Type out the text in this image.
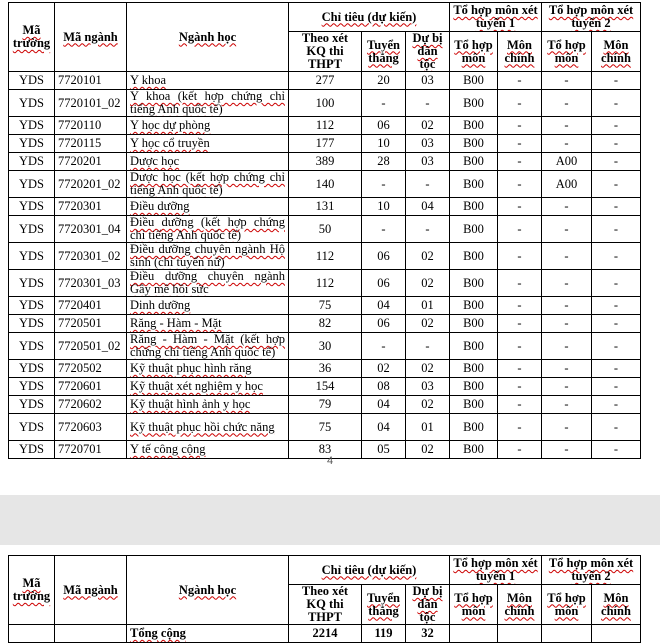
Mã trường	Mã ngành	Ngành học	Chỉ tiêu (dự kiến)			Tổ hợp môn xét tuyển 1		Tổ hợp môn xét tuyển 2	
			Theo xét KQ thi THPT	Tuyển thẳng	Dự bị dân tộc	Tổ hợp môn	Môn chính	Tổ hợp môn	Môn chính
YDS	7720101	Y khoa	277	20	03	B00	-	-	-
YDS	7720101_02	Y khoa (kết hợp chứng chỉ tiếng Anh quốc tế)	100	-	-	B00	-	-	-
YDS	7720110	Y học dự phòng	112	06	02	B00	-	-	-
YDS	7720115	Y học cổ truyền	177	10	03	B00	-	-	-
YDS	7720201	Dược học	389	28	03	B00	-	A00	-
YDS	7720201_02	Dược học (kết hợp chứng chỉ tiếng Anh quốc tế)	140	-	-	B00	-	A00	-
YDS	7720301	Điều dưỡng	131	10	04	B00	-	-	-
YDS	7720301_04	Điều dưỡng (kết hợp chứng chỉ tiếng Anh quốc tế)	50	-	-	B00	-	-	-
YDS	7720301_02	Điều dưỡng chuyên ngành Hộ sinh (chỉ tuyển nữ)	112	06	02	B00	-	-	-
YDS	7720301_03	Điều dưỡng chuyên ngành Gây mê hồi sức	112	06	02	B00	-	-	-
YDS	7720401	Dinh dưỡng	75	04	01	B00	-	-	-
YDS	7720501	Răng - Hàm - Mặt	82	06	02	B00	-	-	-
YDS	7720501_02	Răng - Hàm - Mặt (kết hợp chứng chỉ tiếng Anh quốc tế)	30	-	-	B00	-	-	-
YDS	7720502	Kỹ thuật phục hình răng	36	02	02	B00	-	-	-
YDS	7720601	Kỹ thuật xét nghiệm y học	154	08	03	B00	-	-	-
YDS	7720602	Kỹ thuật hình ảnh y học	79	04	02	B00	-	-	-
YDS	7720603	Kỹ thuật phục hồi chức năng	75	04	01	B00	-	-	-
YDS	7720701	Y tế công cộng	83	05	02	B00	-	-	-
4
Mã trường	Mã ngành	Ngành học	Chỉ tiêu (dự kiến)			Tổ hợp môn xét tuyển 1		Tổ hợp môn xét tuyển 2	
			Theo xét KQ thi THPT	Tuyển thẳng	Dự bị dân tộc	Tổ hợp môn	Môn chính	Tổ hợp môn	Môn chính
		Tổng cộng	2214	119	32				
